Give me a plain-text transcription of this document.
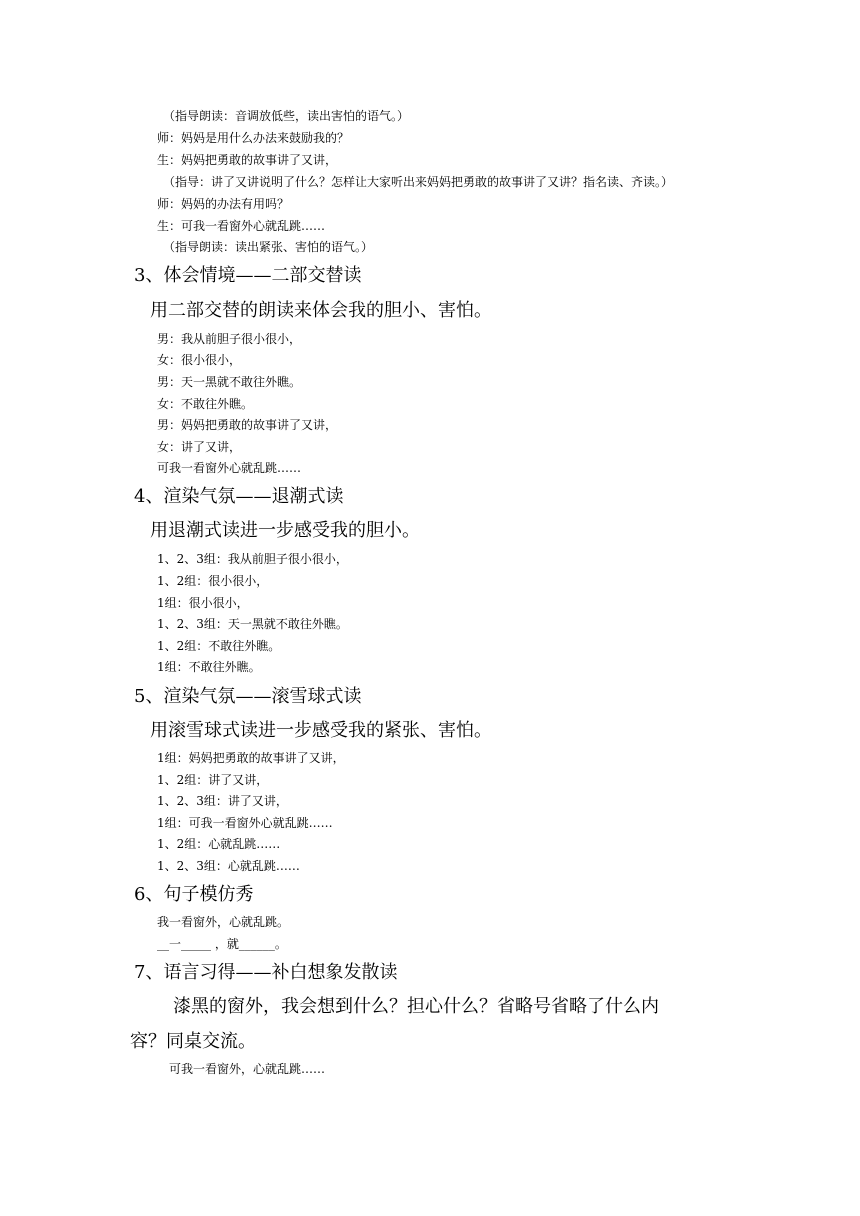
（指导朗读：音调放低些，读出害怕的语气。）
师：妈妈是用什么办法来鼓励我的？
生：妈妈把勇敢的故事讲了又讲，
（指导：讲了又讲说明了什么？怎样让大家听出来妈妈把勇敢的故事讲了又讲？指名读、齐读。）
师：妈妈的办法有用吗？
生：可我一看窗外心就乱跳……
（指导朗读：读出紧张、害怕的语气。）
3、体会情境——二部交替读
用二部交替的朗读来体会我的胆小、害怕。
男：我从前胆子很小很小，
女：很小很小，
男：天一黑就不敢往外瞧。
女：不敢往外瞧。
男：妈妈把勇敢的故事讲了又讲，
女：讲了又讲，
可我一看窗外心就乱跳……
4、渲染气氛——退潮式读
用退潮式读进一步感受我的胆小。
1、2、3组：我从前胆子很小很小，
1、2组：很小很小，
1组：很小很小，
1、2、3组：天一黑就不敢往外瞧。
1、2组：不敢往外瞧。
1组：不敢往外瞧。
5、渲染气氛——滚雪球式读
用滚雪球式读进一步感受我的紧张、害怕。
1组：妈妈把勇敢的故事讲了又讲，
1、2组：讲了又讲，
1、2、3组：讲了又讲，
1组：可我一看窗外心就乱跳……
1、2组：心就乱跳……
1、2、3组：心就乱跳……
6、句子模仿秀
我一看窗外，心就乱跳。
__一_____ ，就______。
7、语言习得——补白想象发散读
漆黑的窗外，我会想到什么？担心什么？省略号省略了什么内
容？同桌交流。
可我一看窗外，心就乱跳……
